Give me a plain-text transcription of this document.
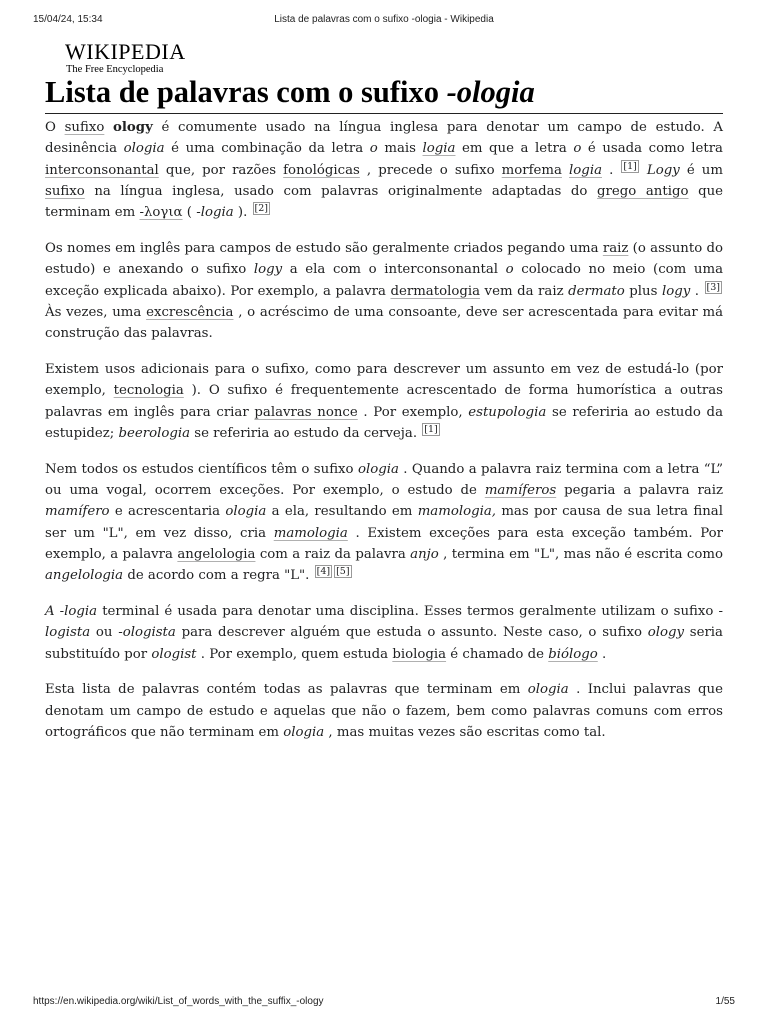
15/04/24, 15:34	Lista de palavras com o sufixo -ologia - Wikipedia
WIKIPEDIA
The Free Encyclopedia
Lista de palavras com o sufixo -ologia

O sufixo ology é comumente usado na língua inglesa para denotar um campo de estudo. A desinência ologia é uma combinação da letra o mais logia em que a letra o é usada como letra interconsonantal que, por razões fonológicas , precede o sufixo morfema logia . [1] Logy é um sufixo na língua inglesa, usado com palavras originalmente adaptadas do grego antigo que terminam em -λογια ( -logia ). [2]

Os nomes em inglês para campos de estudo são geralmente criados pegando uma raiz (o assunto do estudo) e anexando o sufixo logy a ela com o interconsonantal o colocado no meio (com uma exceção explicada abaixo). Por exemplo, a palavra dermatologia vem da raiz dermato plus logy . [3] Às vezes, uma excrescência , o acréscimo de uma consoante, deve ser acrescentada para evitar má construção das palavras.

Existem usos adicionais para o sufixo, como para descrever um assunto em vez de estudá-lo (por exemplo, tecnologia ). O sufixo é frequentemente acrescentado de forma humorística a outras palavras em inglês para criar palavras nonce . Por exemplo, estupologia se referiria ao estudo da estupidez; beerologia se referiria ao estudo da cerveja. [1]

Nem todos os estudos científicos têm o sufixo ologia . Quando a palavra raiz termina com a letra “L” ou uma vogal, ocorrem exceções. Por exemplo, o estudo de mamíferos pegaria a palavra raiz mamífero e acrescentaria ologia a ela, resultando em mamologia, mas por causa de sua letra final ser um "L", em vez disso, cria mamologia . Existem exceções para esta exceção também. Por exemplo, a palavra angelologia com a raiz da palavra anjo , termina em "L", mas não é escrita como angelologia de acordo com a regra "L". [4] [5]

A -logia terminal é usada para denotar uma disciplina. Esses termos geralmente utilizam o sufixo - logista ou -ologista para descrever alguém que estuda o assunto. Neste caso, o sufixo ology seria substituído por ologist . Por exemplo, quem estuda biologia é chamado de biólogo .

Esta lista de palavras contém todas as palavras que terminam em ologia . Inclui palavras que denotam um campo de estudo e aquelas que não o fazem, bem como palavras comuns com erros ortográficos que não terminam em ologia , mas muitas vezes são escritas como tal.

https://en.wikipedia.org/wiki/List_of_words_with_the_suffix_-ology	1/55
